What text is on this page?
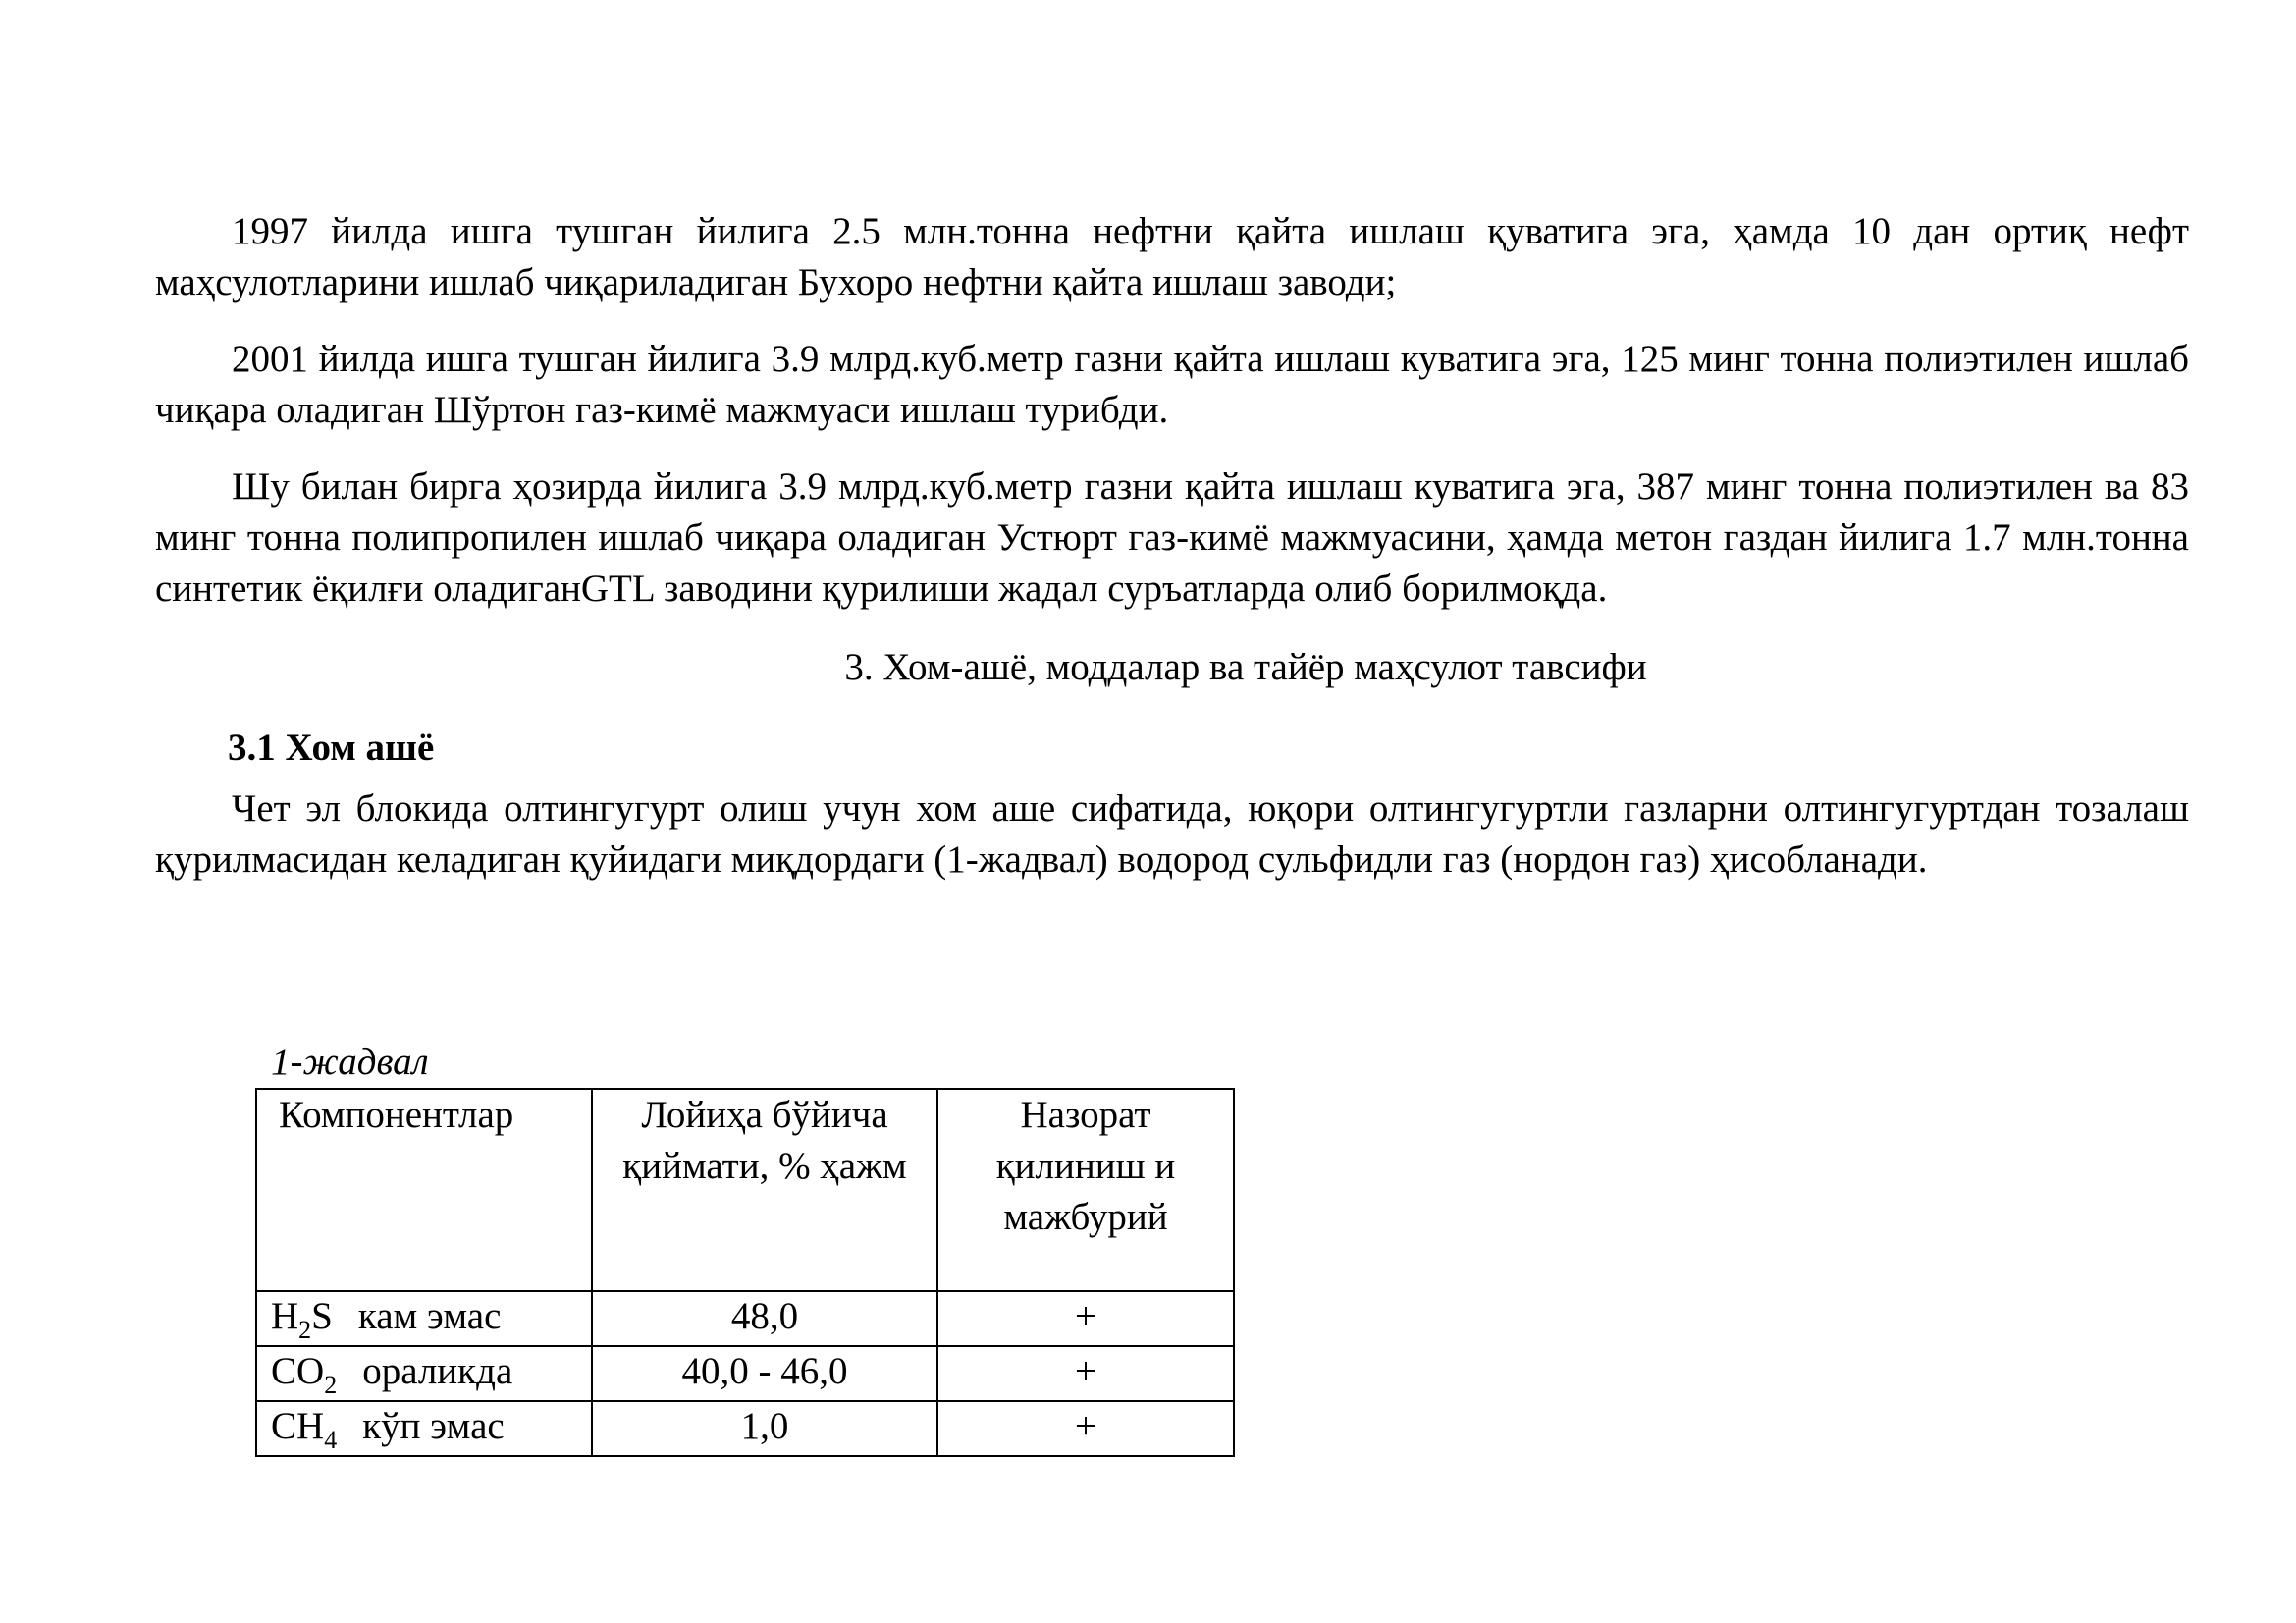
1997 йилда ишга тушган йилига 2.5 млн.тонна нефтни қайта ишлаш қуватига эга, ҳамда 10 дан ортиқ нефт маҳсулотларини ишлаб чиқариладиган Бухоро нефтни қайта ишлаш заводи;

2001 йилда ишга тушган йилига 3.9 млрд.куб.метр газни қайта ишлаш куватига эга, 125 минг тонна полиэтилен ишлаб чиқара оладиган Шўртон газ-кимё мажмуаси ишлаш турибди.

Шу билан бирга ҳозирда йилига 3.9 млрд.куб.метр газни қайта ишлаш куватига эга, 387 минг тонна полиэтилен ва 83 минг тонна полипропилен ишлаб чиқара оладиган Устюрт газ-кимё мажмуасини, ҳамда метон газдан йилига 1.7 млн.тонна синтетик ёқилғи оладиганGTL заводини қурилиши жадал суръатларда олиб борилмоқда.

3. Хом-ашё, моддалар ва тайёр маҳсулот тавсифи

3.1 Хом ашё

Чет эл блокида олтингугурт олиш учун хом аше сифатида, юқори олтингугуртли газларни олтингугуртдан тозалаш қурилмасидан келадиган қуйидаги миқдордаги (1-жадвал) водород сульфидли газ (нордон газ) ҳисобланади.

1-жадвал
Компонентлар	Лойиҳа бўйича қиймати, % ҳажм	Назорат қилиниш и мажбурий
$H_2S$ кам эмас	48,0	+
$CO_2$ ораликда	40,0 - 46,0	+
$CH_4$ кўп эмас	1,0	+
